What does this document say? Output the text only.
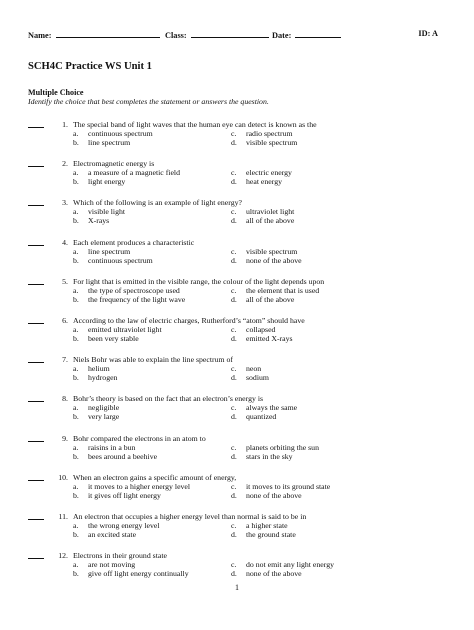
Name:	Class:	Date:	ID: A
SCH4C Practice WS Unit 1
Multiple Choice
Identify the choice that best completes the statement or answers the question.
1. The special band of light waves that the human eye can detect is known as the
a. continuous spectrum	c. radio spectrum
b. line spectrum	d. visible spectrum
2. Electromagnetic energy is
a. a measure of a magnetic field	c. electric energy
b. light energy	d. heat energy
3. Which of the following is an example of light energy?
a. visible light	c. ultraviolet light
b. X-rays	d. all of the above
4. Each element produces a characteristic
a. line spectrum	c. visible spectrum
b. continuous spectrum	d. none of the above
5. For light that is emitted in the visible range, the colour of the light depends upon
a. the type of spectroscope used	c. the element that is used
b. the frequency of the light wave	d. all of the above
6. According to the law of electric charges, Rutherford’s “atom” should have
a. emitted ultraviolet light	c. collapsed
b. been very stable	d. emitted X-rays
7. Niels Bohr was able to explain the line spectrum of
a. helium	c. neon
b. hydrogen	d. sodium
8. Bohr’s theory is based on the fact that an electron’s energy is
a. negligible	c. always the same
b. very large	d. quantized
9. Bohr compared the electrons in an atom to
a. raisins in a bun	c. planets orbiting the sun
b. bees around a beehive	d. stars in the sky
10. When an electron gains a specific amount of energy,
a. it moves to a higher energy level	c. it moves to its ground state
b. it gives off light energy	d. none of the above
11. An electron that occupies a higher energy level than normal is said to be in
a. the wrong energy level	c. a higher state
b. an excited state	d. the ground state
12. Electrons in their ground state
a. are not moving	c. do not emit any light energy
b. give off light energy continually	d. none of the above
1
